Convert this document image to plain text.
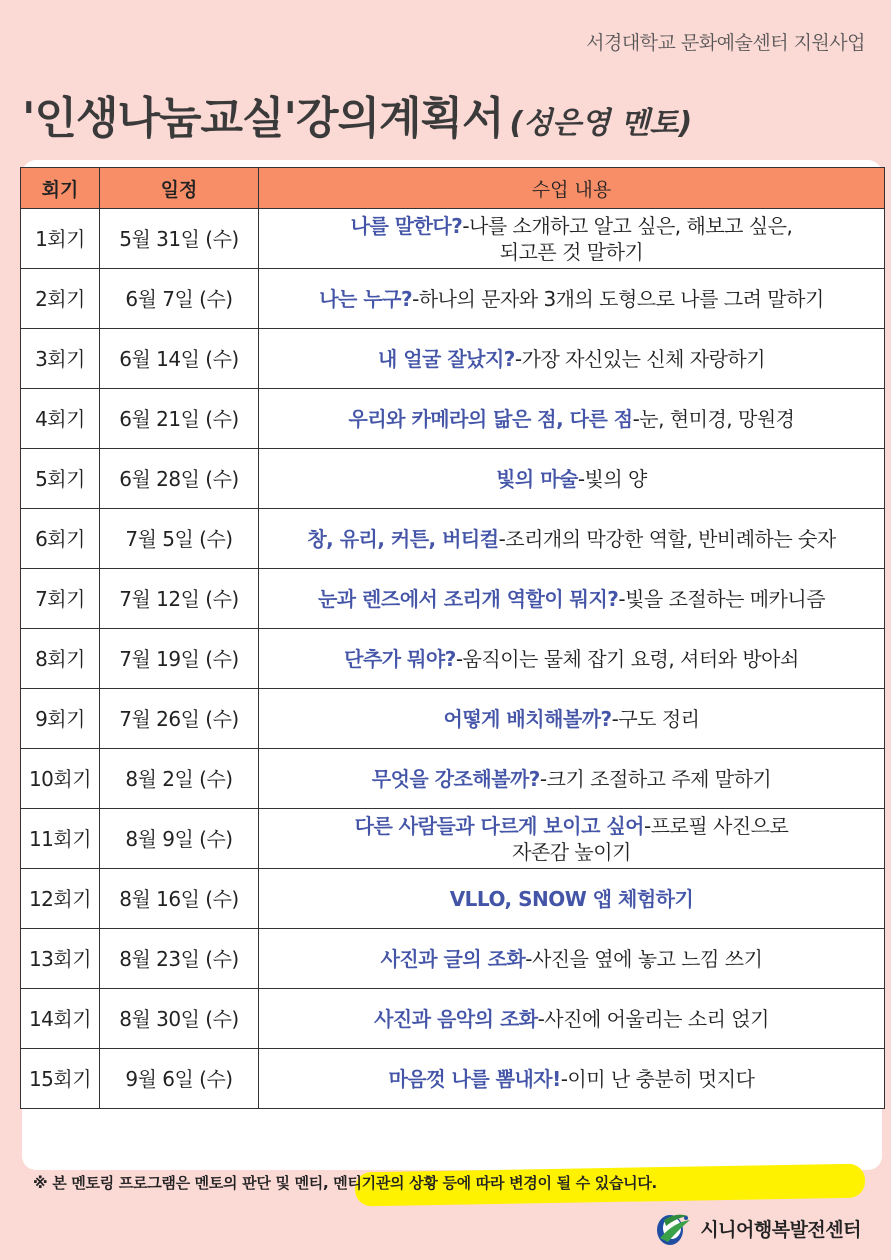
서경대학교 문화예술센터 지원사업
'인생나눔교실'강의계획서 (성은영 멘토)
회기	일정	수업 내용
1회기	5월 31일 (수)	나를 말한다?-나를 소개하고 알고 싶은, 해보고 싶은,
되고픈 것 말하기
2회기	6월 7일 (수)	나는 누구?-하나의 문자와 3개의 도형으로 나를 그려 말하기
3회기	6월 14일 (수)	내 얼굴 잘났지?-가장 자신있는 신체 자랑하기
4회기	6월 21일 (수)	우리와 카메라의 닮은 점, 다른 점-눈, 현미경, 망원경
5회기	6월 28일 (수)	빛의 마술-빛의 양
6회기	7월 5일 (수)	창, 유리, 커튼, 버티컬-조리개의 막강한 역할, 반비례하는 숫자
7회기	7월 12일 (수)	눈과 렌즈에서 조리개 역할이 뭐지?-빛을 조절하는 메카니즘
8회기	7월 19일 (수)	단추가 뭐야?-움직이는 물체 잡기 요령, 셔터와 방아쇠
9회기	7월 26일 (수)	어떻게 배치해볼까?-구도 정리
10회기	8월 2일 (수)	무엇을 강조해볼까?-크기 조절하고 주제 말하기
11회기	8월 9일 (수)	다른 사람들과 다르게 보이고 싶어-프로필 사진으로
자존감 높이기
12회기	8월 16일 (수)	VLLO, SNOW 앱 체험하기
13회기	8월 23일 (수)	사진과 글의 조화-사진을 옆에 놓고 느낌 쓰기
14회기	8월 30일 (수)	사진과 음악의 조화-사진에 어울리는 소리 얹기
15회기	9월 6일 (수)	마음껏 나를 뽐내자!-이미 난 충분히 멋지다
※ 본 멘토링 프로그램은 멘토의 판단 및 멘티, 멘티기관의 상황 등에 따라 변경이 될 수 있습니다.
시니어행복발전센터
